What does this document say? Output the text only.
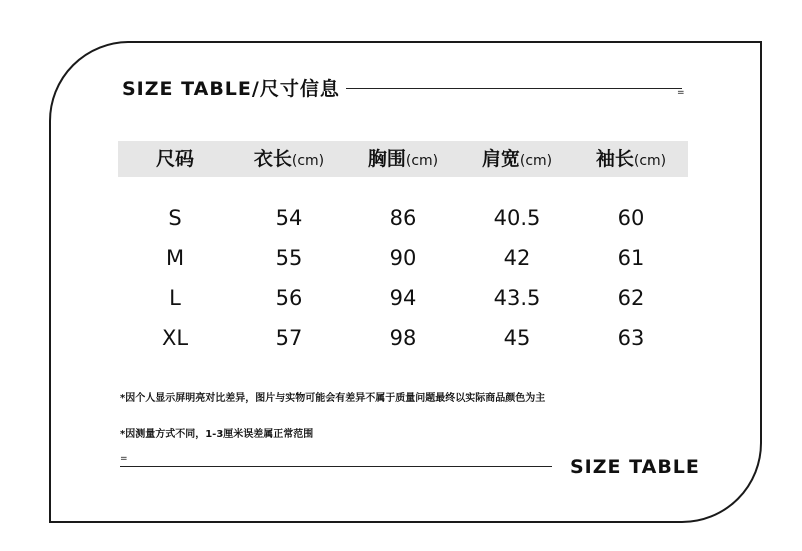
SIZE TABLE/尺寸信息	=
尺码	衣长(cm)	胸围(cm)	肩宽(cm)	袖长(cm)
S	54	86	40.5	60
M	55	90	42	61
L	56	94	43.5	62
XL	57	98	45	63
*因个人显示屏明亮对比差异，图片与实物可能会有差异不属于质量问题最终以实际商品颜色为主
*因测量方式不同，1-3厘米误差属正常范围
=	SIZE TABLE
